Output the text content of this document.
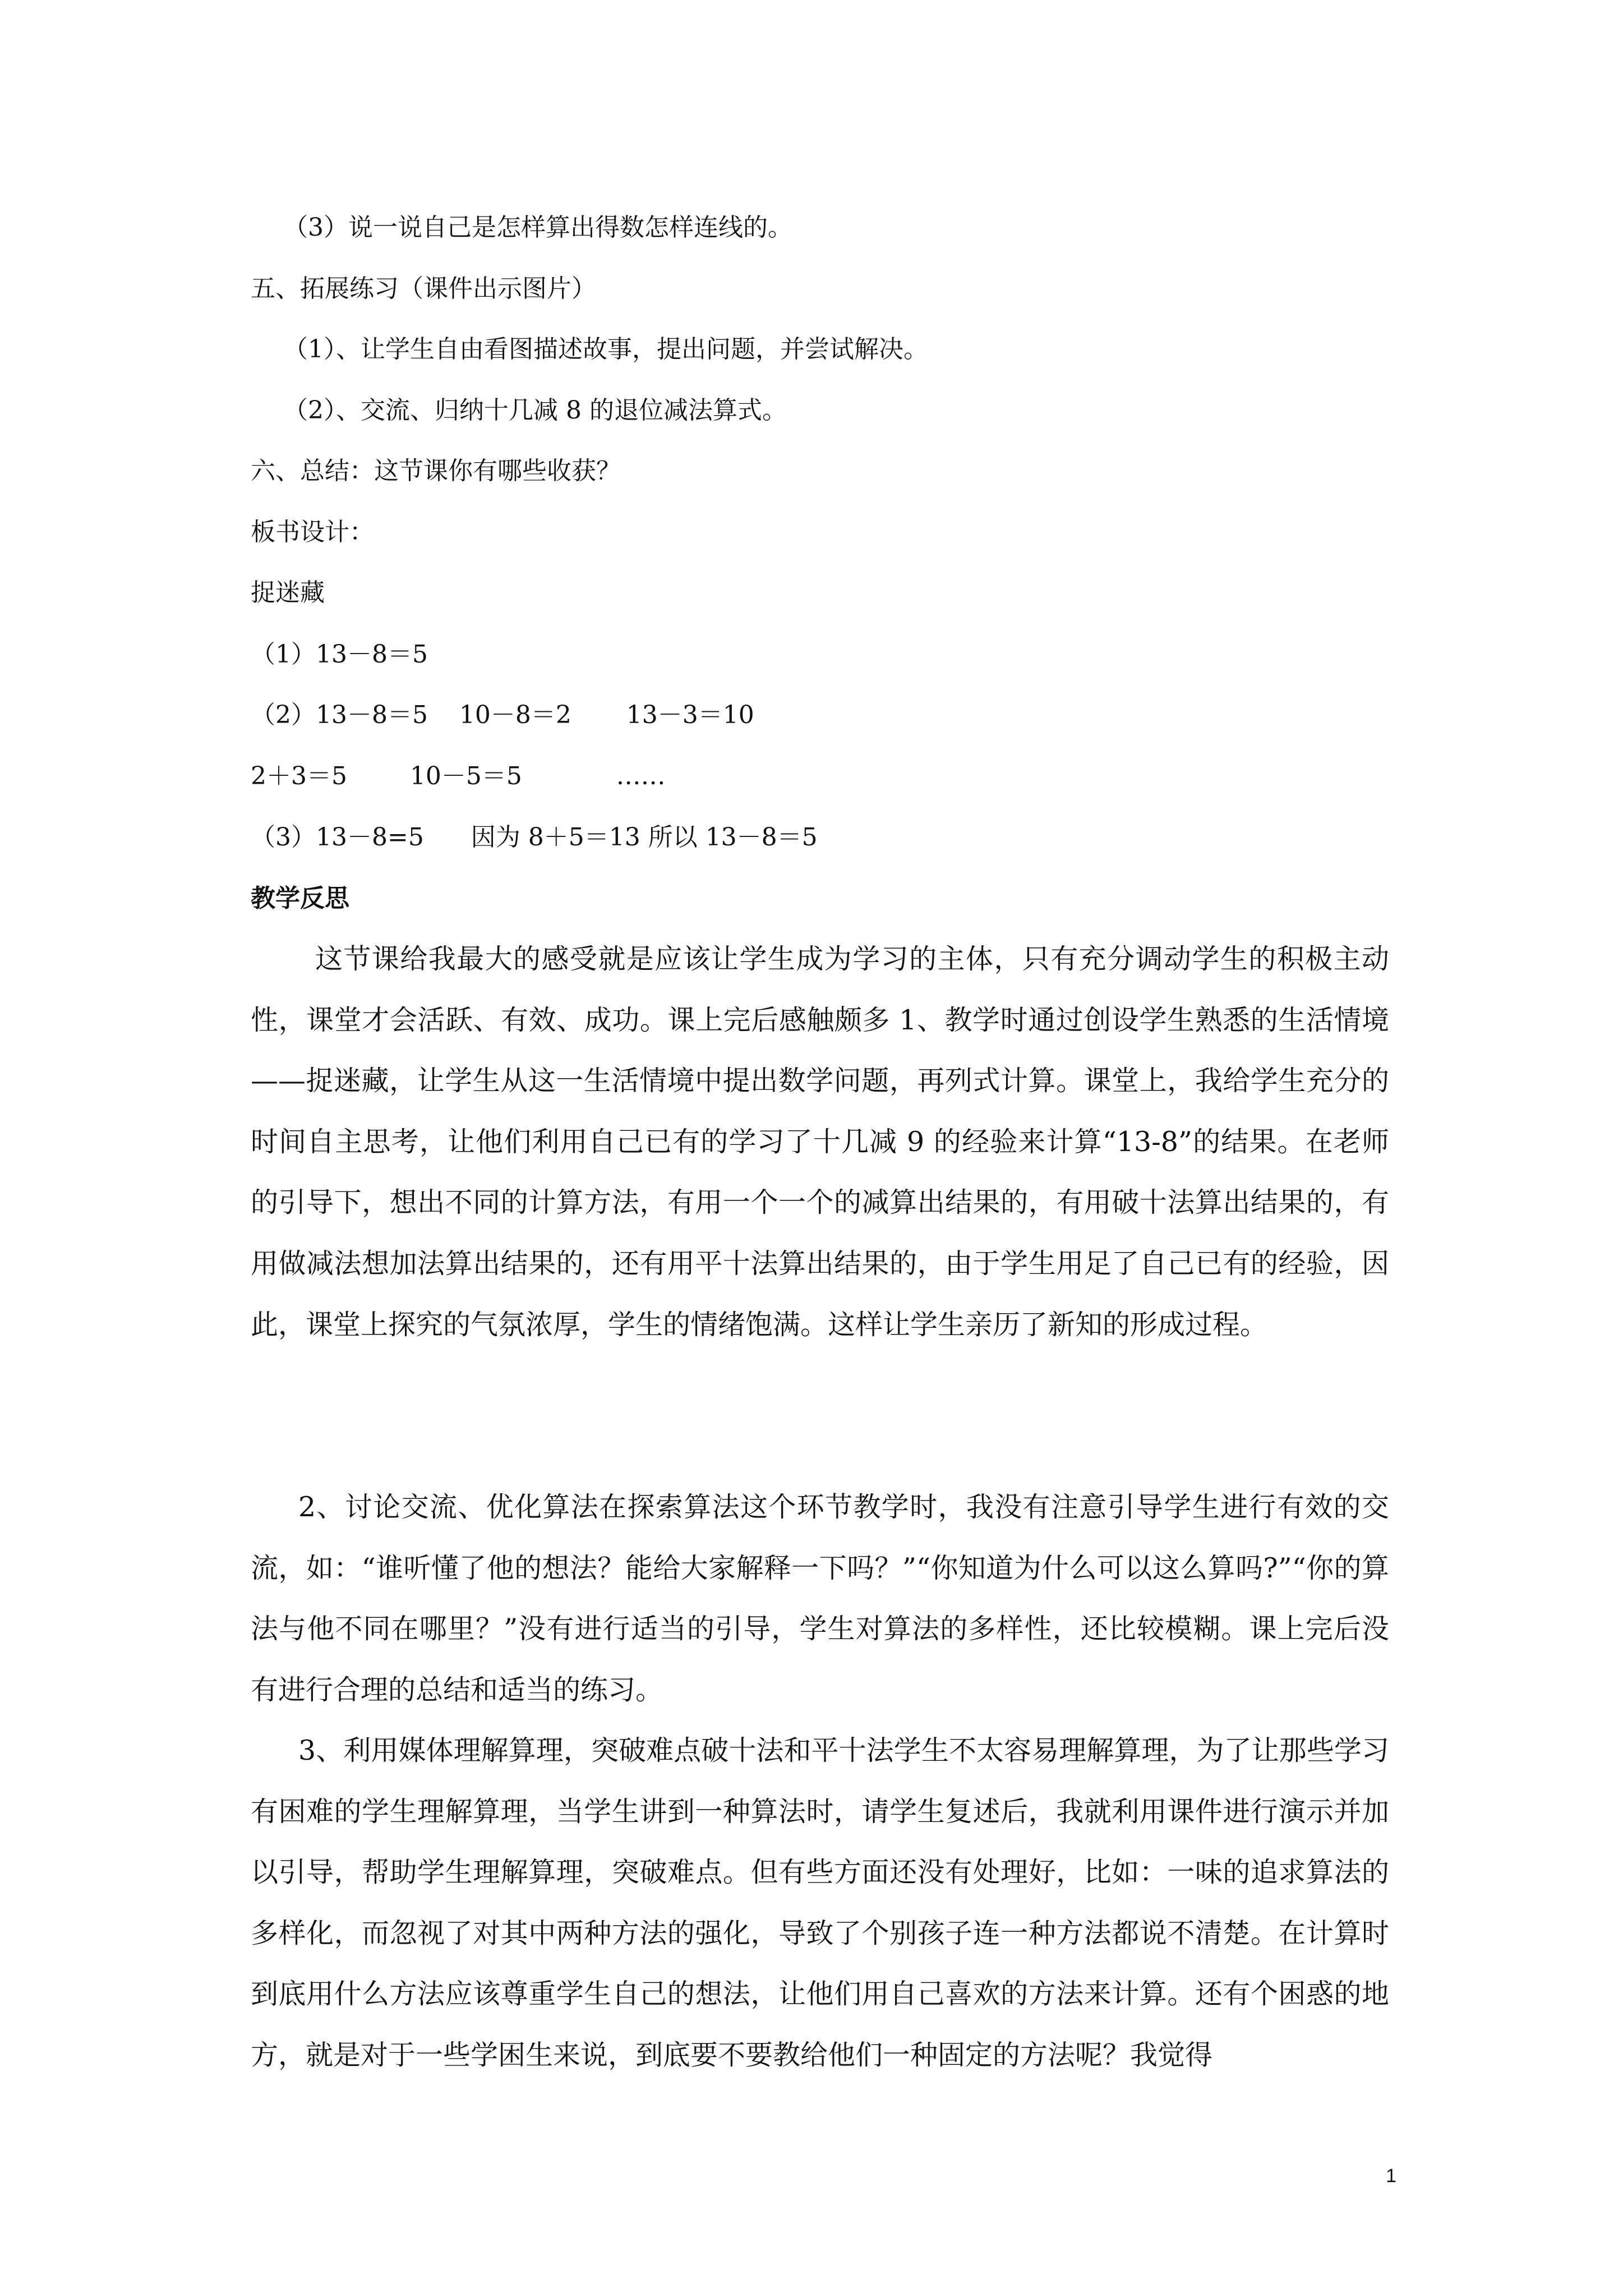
（3）说一说自己是怎样算出得数怎样连线的。

五、拓展练习（课件出示图片）

（1）、让学生自由看图描述故事，提出问题，并尝试解决。

（2）、交流、归纳十几减 8 的退位减法算式。

六、总结：这节课你有哪些收获？

板书设计：

捉迷藏

（1）13－8＝5

（2）13－8＝5    10－8＝2       13－3＝10

2＋3＝5        10－5＝5            ……

（3）13－8=5      因为 8＋5＝13 所以 13－8＝5

教学反思

这节课给我最大的感受就是应该让学生成为学习的主体，只有充分调动学生的积极主动性，课堂才会活跃、有效、成功。课上完后感触颇多 1、教学时通过创设学生熟悉的生活情境——捉迷藏，让学生从这一生活情境中提出数学问题，再列式计算。课堂上，我给学生充分的时间自主思考，让他们利用自己已有的学习了十几减 9 的经验来计算“13-8”的结果。在老师的引导下，想出不同的计算方法，有用一个一个的减算出结果的，有用破十法算出结果的，有用做减法想加法算出结果的，还有用平十法算出结果的，由于学生用足了自己已有的经验，因此，课堂上探究的气氛浓厚，学生的情绪饱满。这样让学生亲历了新知的形成过程。

2、讨论交流、优化算法在探索算法这个环节教学时，我没有注意引导学生进行有效的交流，如：“谁听懂了他的想法？能给大家解释一下吗？”“你知道为什么可以这么算吗?”“你的算法与他不同在哪里？”没有进行适当的引导，学生对算法的多样性，还比较模糊。课上完后没有进行合理的总结和适当的练习。

3、利用媒体理解算理，突破难点破十法和平十法学生不太容易理解算理，为了让那些学习有困难的学生理解算理，当学生讲到一种算法时，请学生复述后，我就利用课件进行演示并加以引导，帮助学生理解算理，突破难点。但有些方面还没有处理好，比如：一味的追求算法的多样化，而忽视了对其中两种方法的强化，导致了个别孩子连一种方法都说不清楚。在计算时到底用什么方法应该尊重学生自己的想法，让他们用自己喜欢的方法来计算。还有个困惑的地方，就是对于一些学困生来说，到底要不要教给他们一种固定的方法呢？我觉得

1
